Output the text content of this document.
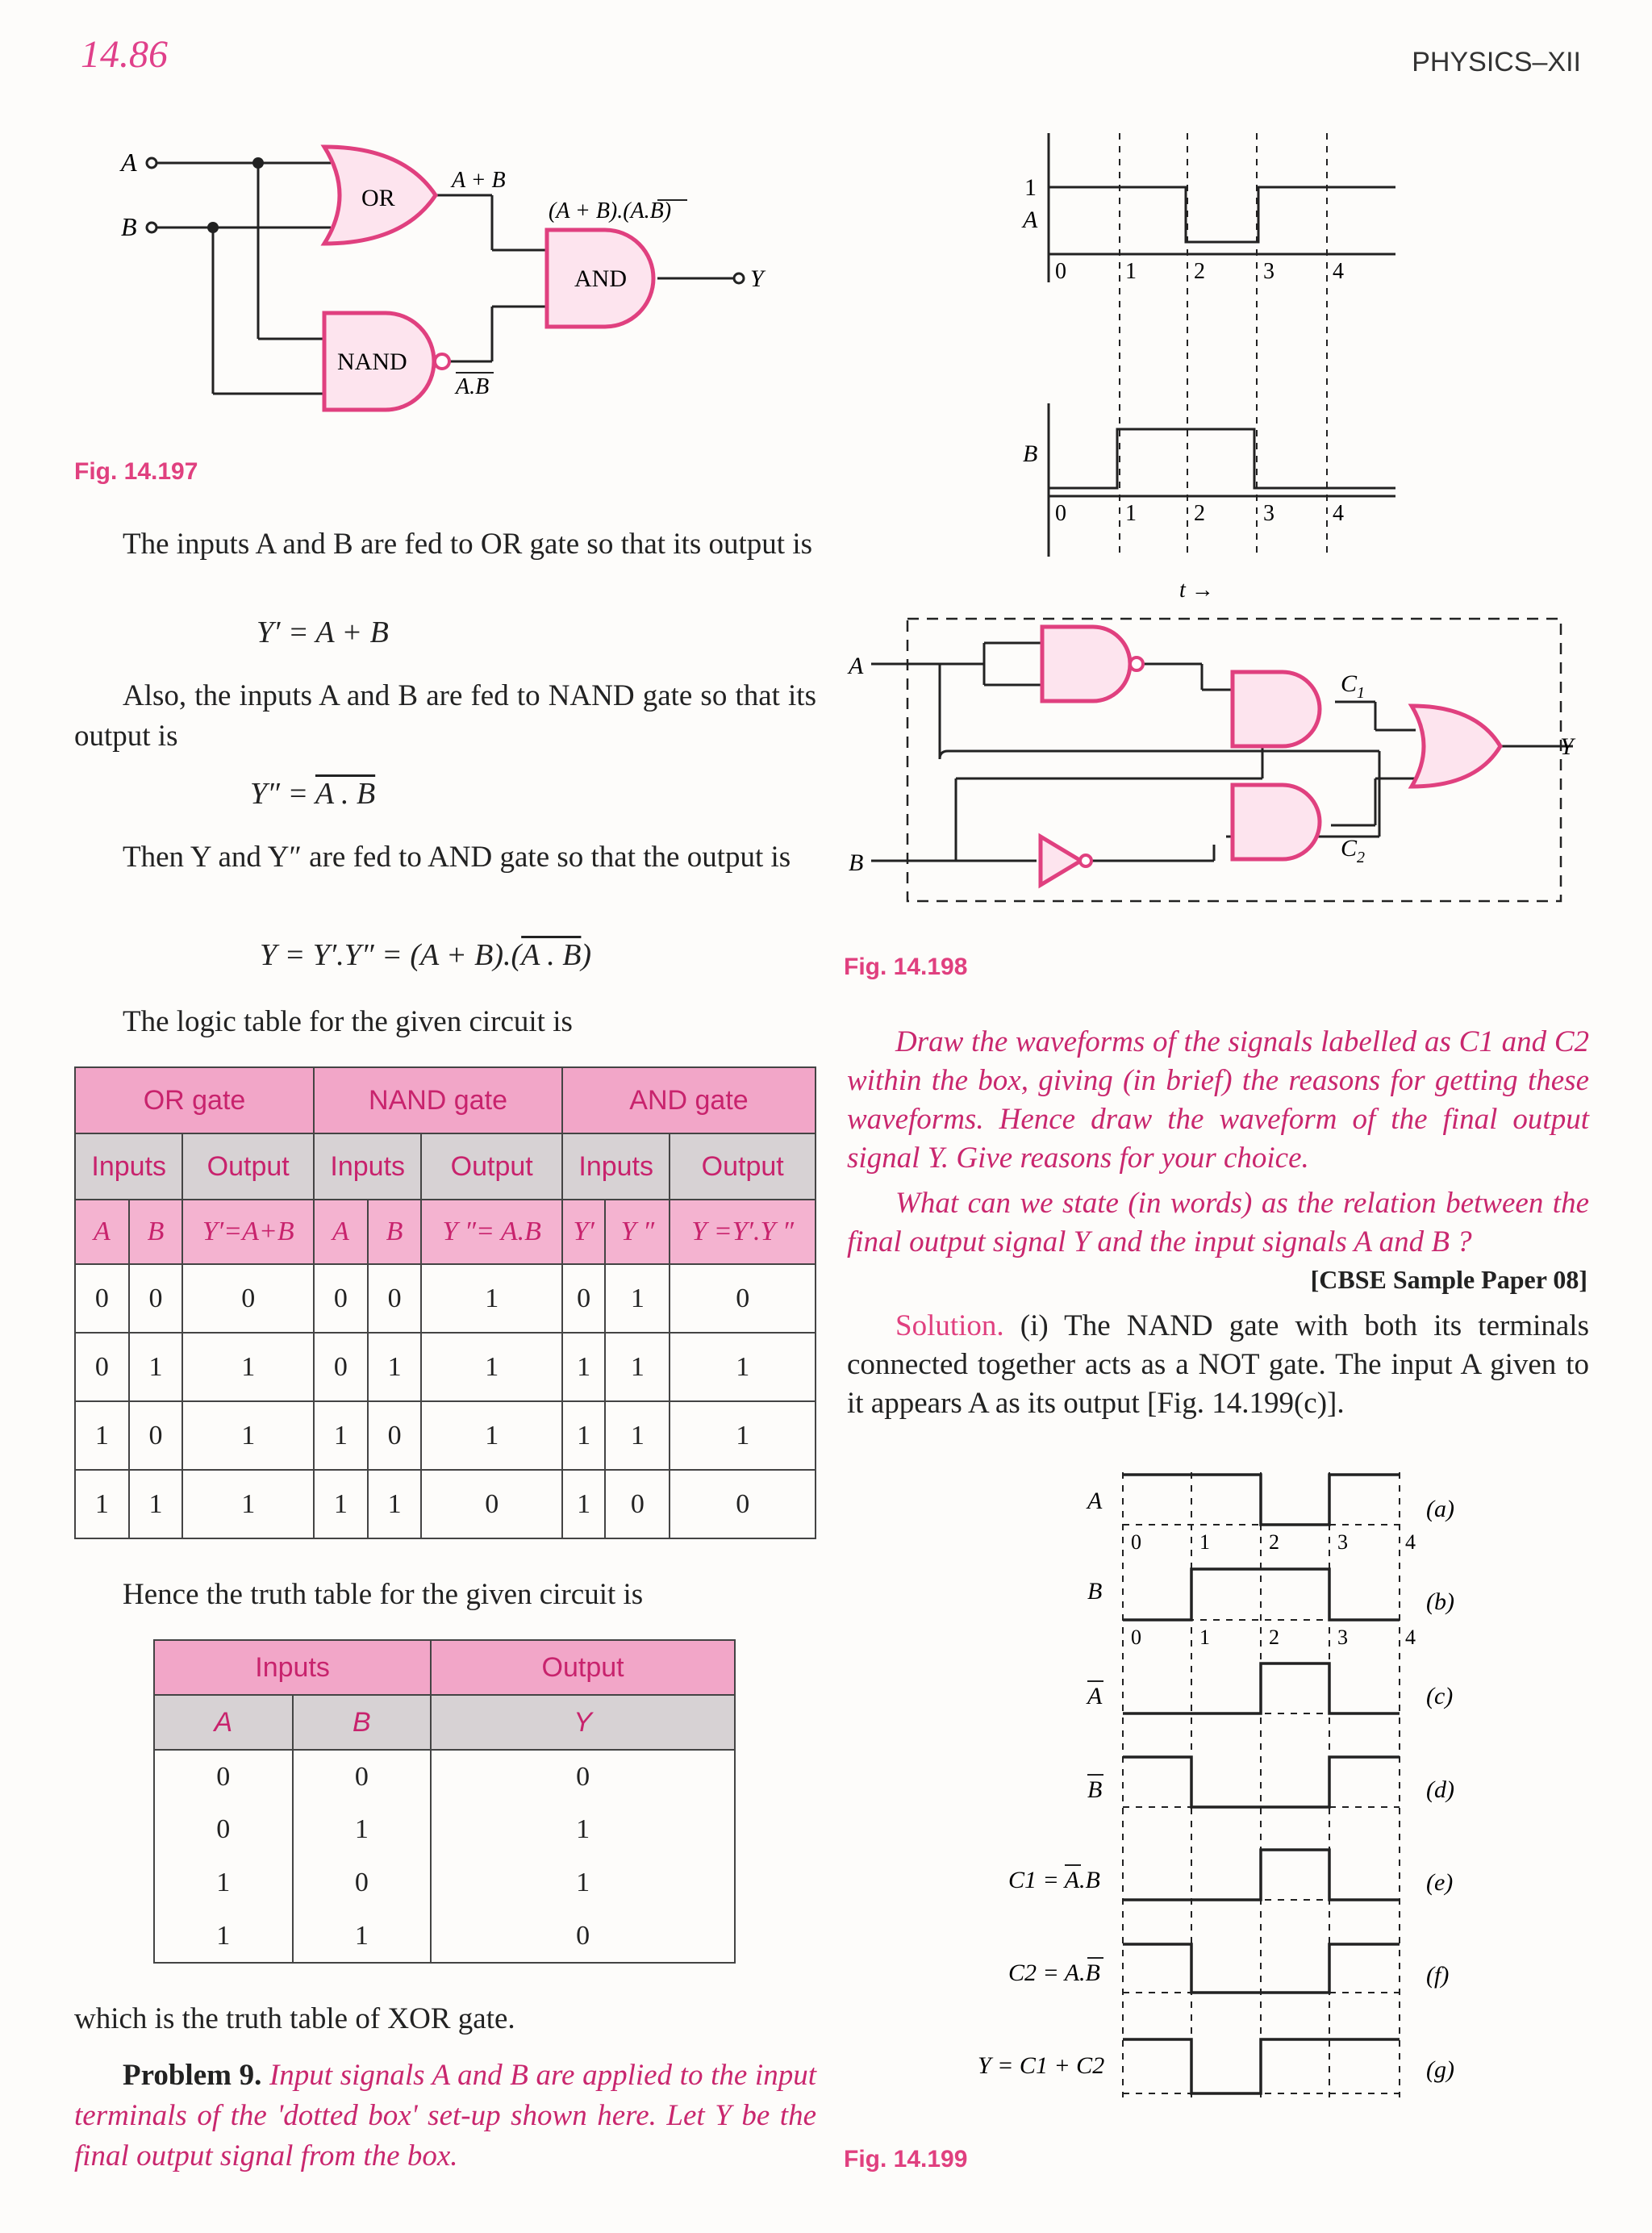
14.86	PHYSICS–XII
A
B
OR
NAND
AND
A + B
(A + B).(A.B)
A.B
Y
Fig. 14.197
The inputs A and B are fed to OR gate so that its output is
Y′ = A + B
Also, the inputs A and B are fed to NAND gate so that its output is
Y″ = A . B
Then Y and Y″ are fed to AND gate so that the output is
Y = Y′.Y″ = (A + B).(A . B)
The logic table for the given circuit is
OR gate			NAND gate			AND gate		
Inputs		Output	Inputs		Output	Inputs		Output
A	B	Y′=A+B	A	B	Y ″= A.B	Y′	Y ″	Y =Y′.Y ″
0	0	0	0	0	1	0	1	0
0	1	1	0	1	1	1	1	1
1	0	1	1	0	1	1	1	1
1	1	1	1	1	0	1	0	0
Hence the truth table for the given circuit is
Inputs		Output
A	B	Y
0	0	0
0	1	1
1	0	1
1	1	0
which is the truth table of XOR gate.
Problem 9. Input signals A and B are applied to the input terminals of the 'dotted box' set-up shown here. Let Y be the final output signal from the box.
1
A
B
0	1	2	3	4
0	1	2	3	4
t →
A
B
$C_1$
$C_2$
Y
Fig. 14.198
Draw the waveforms of the signals labelled as C1 and C2 within the box, giving (in brief) the reasons for getting these waveforms. Hence draw the waveform of the final output signal Y. Give reasons for your choice.
What can we state (in words) as the relation between the final output signal Y and the input signals A and B ?
[CBSE Sample Paper 08]
Solution. (i) The NAND gate with both its terminals connected together acts as a NOT gate. The input A given to it appears A as its output [Fig. 14.199(c)].
A
B
A
B
C1 = A.B
C2 = A.B
Y = C1 + C2
(a)
(b)
(c)
(d)
(e)
(f)
(g)
0	1	2	3	4
0	1	2	3	4
Fig. 14.199
